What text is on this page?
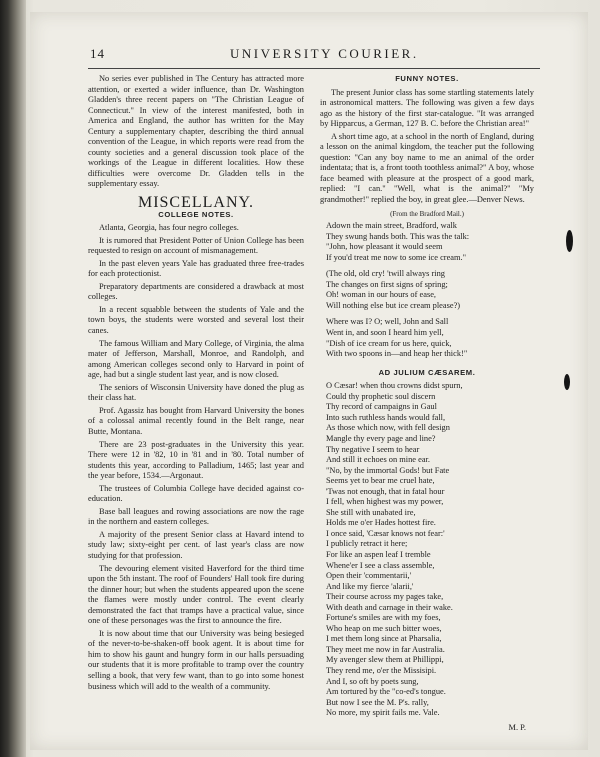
14	UNIVERSITY COURIER.

No series ever published in The Century has attracted more attention, or exerted a wider influence, than Dr. Washington Gladden's three recent papers on "The Christian League of Connecticut." In view of the interest manifested, both in America and England, the author has written for the May Century a supplementary chapter, describing the third annual convention of the League, in which reports were read from the county societies and a general discussion took place of the workings of the League in different localities. How these difficulties were overcome Dr. Gladden tells in the supplementary essay.

MISCELLANY.
COLLEGE NOTES.

Atlanta, Georgia, has four negro colleges.

It is rumored that President Potter of Union College has been requested to resign on account of mismanagement.

In the past eleven years Yale has graduated three free-trades for each protectionist.

Preparatory departments are considered a drawback at most colleges.

In a recent squabble between the students of Yale and the town boys, the students were worsted and several lost their canes.

The famous William and Mary College, of Virginia, the alma mater of Jefferson, Marshall, Monroe, and Randolph, and among American colleges second only to Harvard in point of age, had but a single student last year, and is now closed.

The seniors of Wisconsin University have doned the plug as their class hat.

Prof. Agassiz has bought from Harvard University the bones of a colossal animal recently found in the Belt range, near Butte, Montana.

There are 23 post-graduates in the University this year. There were 12 in '82, 10 in '81 and in '80. Total number of students this year, according to Palladium, 1465; last year and the year before, 1534.—Argonaut.

The trustees of Columbia College have decided against co-education.

Base ball leagues and rowing associations are now the rage in the northern and eastern colleges.

A majority of the present Senior class at Havard intend to study law; sixty-eight per cent. of last year's class are now studying for that profession.

The devouring element visited Haverford for the third time upon the 5th instant. The roof of Founders' Hall took fire during the dinner hour; but when the students appeared upon the scene the flames were mostly under control. The event clearly demonstrated the fact that tramps have a practical value, since one of these personages was the first to announce the fire.

It is now about time that our University was being besieged of the never-to-be-shaken-off book agent. It is about time for him to show his gaunt and hungry form in our halls persuading our students that it is more profitable to tramp over the country selling a book, that very few want, than to go into some honest business which will add to the wealth of a community.

FUNNY NOTES.

The present Junior class has some startling statements lately in astronomical matters. The following was given a few days ago as the history of the first star-catalogue. "It was arranged by Hipparcus, a German, 127 B. C. before the Christian area!"

A short time ago, at a school in the north of England, during a lesson on the animal kingdom, the teacher put the following question: "Can any boy name to me an animal of the order indentata; that is, a front tooth toothless animal?" A boy, whose face beamed with pleasure at the prospect of a good mark, replied: "I can." "Well, what is the animal?" "My grandmother!" replied the boy, in great glee.—Denver News.

(From the Bradford Mail.)
Adown the main street, Bradford, walk
They swung hands both. This was the talk:
"John, how pleasant it would seem
If you'd treat me now to some ice cream."
(The old, old cry! 'twill always ring
The changes on first signs of spring;
Oh! woman in our hours of ease,
Will nothing else but ice cream please?)
Where was I? O; well, John and Sall
Went in, and soon I heard him yell,
"Dish of ice cream for us here, quick,
With two spoons in—and heap her thick!"
AD JULIUM CÆSAREM.
O Cæsar! when thou crowns didst spurn,
Could thy prophetic soul discern
Thy record of campaigns in Gaul
Into such ruthless hands would fall,
As those which now, with fell design
Mangle thy every page and line?
Thy negative I seem to hear
And still it echoes on mine ear.
"No, by the immortal Gods! but Fate
Seems yet to bear me cruel hate,
'Twas not enough, that in fatal hour
I fell, when highest was my power,
She still with unabated ire,
Holds me o'er Hades hottest fire.
I once said, 'Cæsar knows not fear:'
I publicly retract it here;
For like an aspen leaf I tremble
Whene'er I see a class assemble,
Open their 'commentarii,'
And like my fierce 'alarii,'
Their course across my pages take,
With death and carnage in their wake.
Fortune's smiles are with my foes,
Who heap on me such bitter woes,
I met them long since at Pharsalia,
They meet me now in far Australia.
My avenger slew them at Phillippi,
They rend me, o'er the Missisipi.
And I, so oft by poets sung,
Am tortured by the "co-ed's tongue.
But now I see the M. P's. rally,
No more, my spirit fails me. Vale.
M. P.
